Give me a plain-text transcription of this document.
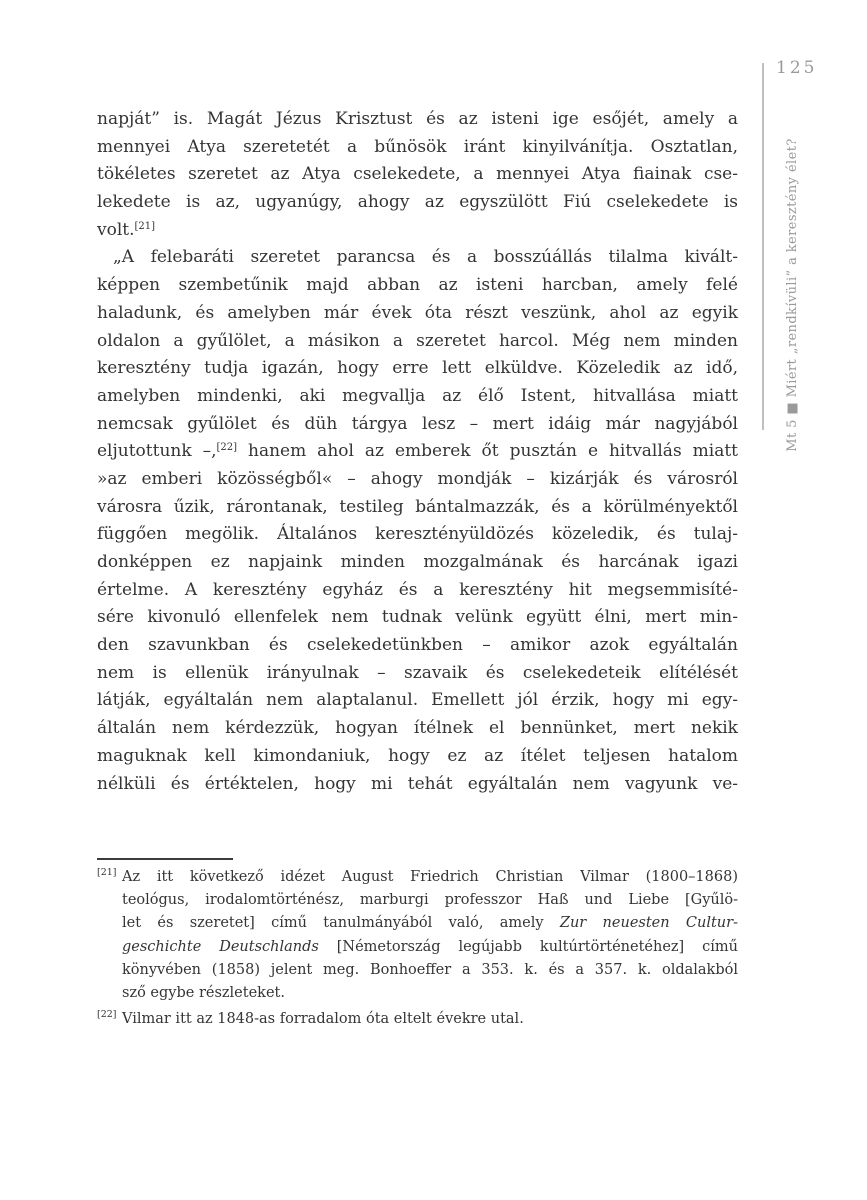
125
Mt 5 ■ Miért „rendkívüli” a keresztény élet?
napját” is. Magát Jézus Krisztust és az isteni ige esőjét, amely a
mennyei Atya szeretetét a bűnösök iránt kinyilvánítja. Osztatlan,
tökéletes szeretet az Atya cselekedete, a mennyei Atya fiainak cse-
lekedete is az, ugyanúgy, ahogy az egyszülött Fiú cselekedete is
volt.[21]
„A felebaráti szeretet parancsa és a bosszúállás tilalma kivált-
képpen szembetűnik majd abban az isteni harcban, amely felé
haladunk, és amelyben már évek óta részt veszünk, ahol az egyik
oldalon a gyűlölet, a másikon a szeretet harcol. Még nem minden
keresztény tudja igazán, hogy erre lett elküldve. Közeledik az idő,
amelyben mindenki, aki megvallja az élő Istent, hitvallása miatt
nemcsak gyűlölet és düh tárgya lesz – mert idáig már nagyjából
eljutottunk –,[22] hanem ahol az emberek őt pusztán e hitvallás miatt
»az emberi közösségből« – ahogy mondják – kizárják és városról
városra űzik, rárontanak, testileg bántalmazzák, és a körülményektől
függően megölik. Általános keresztényüldözés közeledik, és tulaj-
donképpen ez napjaink minden mozgalmának és harcának igazi
értelme. A keresztény egyház és a keresztény hit megsemmisíté-
sére kivonuló ellenfelek nem tudnak velünk együtt élni, mert min-
den szavunkban és cselekedetünkben – amikor azok egyáltalán
nem is ellenük irányulnak – szavaik és cselekedeteik elítélését
látják, egyáltalán nem alaptalanul. Emellett jól érzik, hogy mi egy-
általán nem kérdezzük, hogyan ítélnek el bennünket, mert nekik
maguknak kell kimondaniuk, hogy ez az ítélet teljesen hatalom
nélküli és értéktelen, hogy mi tehát egyáltalán nem vagyunk ve-
[21] Az itt következő idézet August Friedrich Christian Vilmar (1800–1868)
teológus, irodalomtörténész, marburgi professzor Haß und Liebe [Gyűlö-
let és szeretet] című tanulmányából való, amely Zur neuesten Cultur-
geschichte Deutschlands [Németország legújabb kultúrtörténetéhez] című
könyvében (1858) jelent meg. Bonhoeffer a 353. k. és a 357. k. oldalakból
sző egybe részleteket.
[22] Vilmar itt az 1848-as forradalom óta eltelt évekre utal.
